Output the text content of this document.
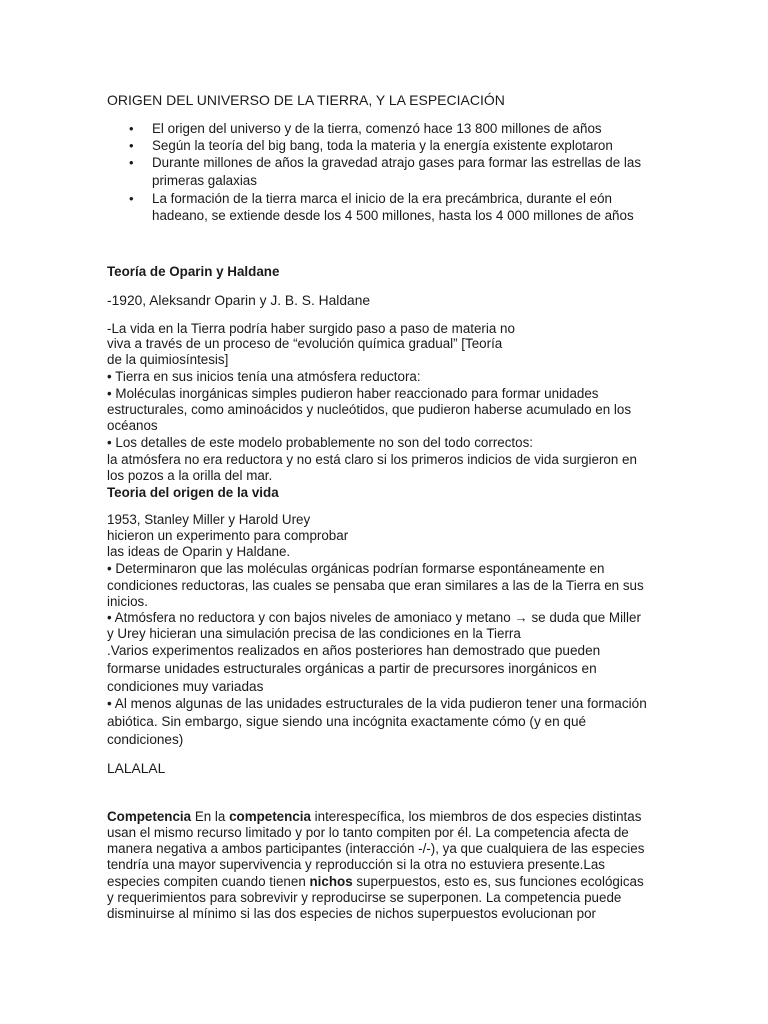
ORIGEN DEL UNIVERSO DE LA TIERRA, Y LA ESPECIACIÓN

• El origen del universo y de la tierra, comenzó hace 13 800 millones de años
• Según la teoría del big bang, toda la materia y la energía existente explotaron
• Durante millones de años la gravedad atrajo gases para formar las estrellas de las
primeras galaxias
• La formación de la tierra marca el inicio de la era precámbrica, durante el eón
hadeano, se extiende desde los 4 500 millones, hasta los 4 000 millones de años

Teoría de Oparin y Haldane

-1920, Aleksandr Oparin y J. B. S. Haldane

-La vida en la Tierra podría haber surgido paso a paso de materia no

viva a través de un proceso de “evolución química gradual” [Teoría

de la quimiosíntesis]

• Tierra en sus inicios tenía una atmósfera reductora:

• Moléculas inorgánicas simples pudieron haber reaccionado para formar unidades

estructurales, como aminoácidos y nucleótidos, que pudieron haberse acumulado en los

océanos

• Los detalles de este modelo probablemente no son del todo correctos:

la atmósfera no era reductora y no está claro si los primeros indicios de vida surgieron en

los pozos a la orilla del mar.

Teoria del origen de la vida

1953, Stanley Miller y Harold Urey

hicieron un experimento para comprobar

las ideas de Oparin y Haldane.

• Determinaron que las moléculas orgánicas podrían formarse espontáneamente en

condiciones reductoras, las cuales se pensaba que eran similares a las de la Tierra en sus

inicios.

• Atmósfera no reductora y con bajos niveles de amoniaco y metano → se duda que Miller

y Urey hicieran una simulación precisa de las condiciones en la Tierra

.Varios experimentos realizados en años posteriores han demostrado que pueden

formarse unidades estructurales orgánicas a partir de precursores inorgánicos en

condiciones muy variadas

• Al menos algunas de las unidades estructurales de la vida pudieron tener una formación

abiótica. Sin embargo, sigue siendo una incógnita exactamente cómo (y en qué

condiciones)

LALALAL

Competencia En la competencia interespecífica, los miembros de dos especies distintas

usan el mismo recurso limitado y por lo tanto compiten por él. La competencia afecta de

manera negativa a ambos participantes (interacción -/-), ya que cualquiera de las especies

tendría una mayor supervivencia y reproducción si la otra no estuviera presente.Las

especies compiten cuando tienen nichos superpuestos, esto es, sus funciones ecológicas

y requerimientos para sobrevivir y reproducirse se superponen. La competencia puede

disminuirse al mínimo si las dos especies de nichos superpuestos evolucionan por
